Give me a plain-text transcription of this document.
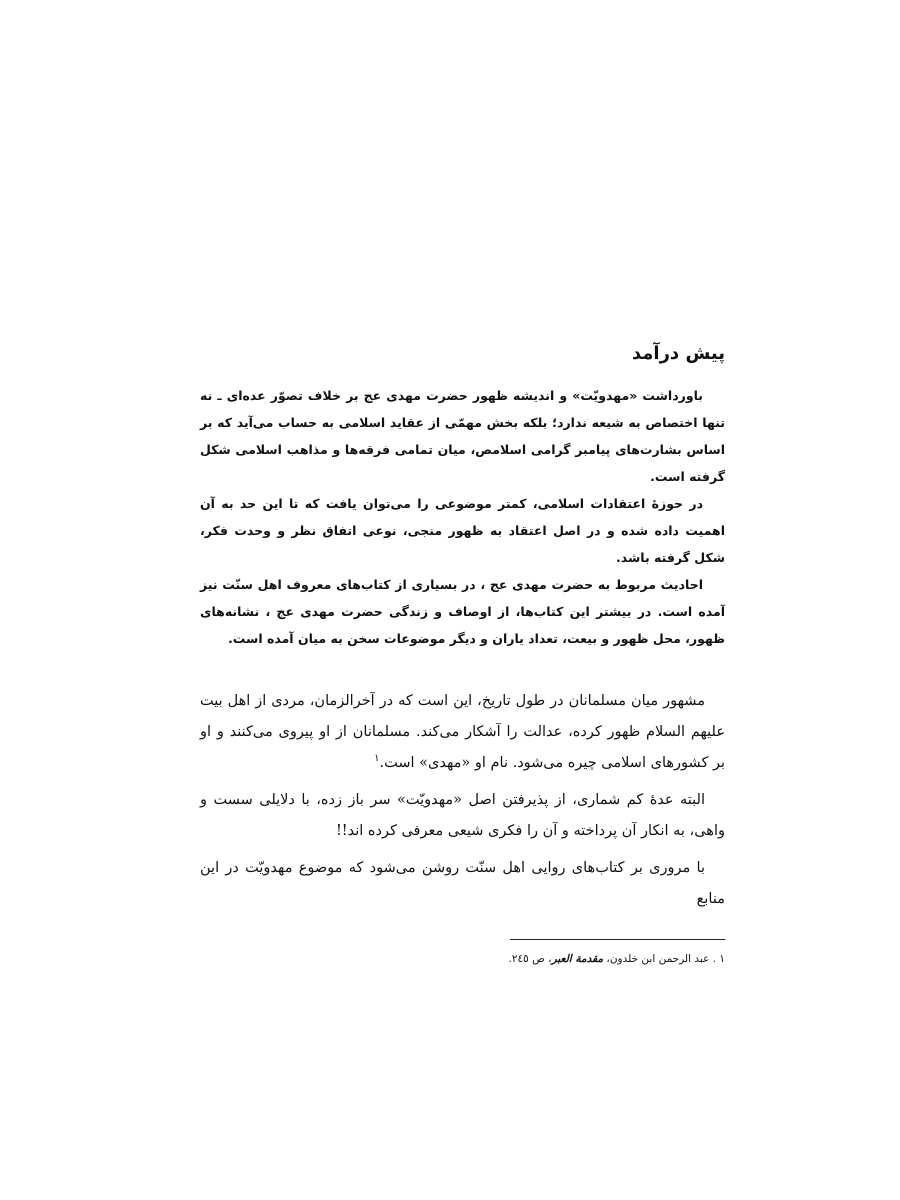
پیش درآمد

باورداشت «مهدویّت» و اندیشه ظهور حضرت مهدی‌ عج بر خلاف تصوّر عده‌ای ـ نه تنها اختصاص به شیعه ندارد؛ بلکه بخش مهمّی از عقاید اسلامی به حساب می‌آید که بر اساس بشارت‌های پیامبر گرامی اسلامص، میان تمامی فرقه‌ها و مذاهب اسلامی شکل گرفته است.

در حوزهٔ اعتقادات اسلامی، کمتر موضوعی را می‌توان یافت که تا این حد به آن اهمیت داده شده و در اصل اعتقاد به ظهور منجی، نوعی اتفاق نظر و وحدت فکر، شکل گرفته باشد.

احادیث مربوط به حضرت مهدی‌ عج ، در بسیاری از کتاب‌های معروف اهل سنّت نیز آمده است. در بیشتر این کتاب‌ها، از اوصاف و زندگی حضرت مهدی‌ عج ، نشانه‌های ظهور، محل ظهور و بیعت، تعداد یاران و دیگر موضوعات سخن به میان آمده است.

مشهور میان مسلمانان در طول تاریخ، این است که در آخرالزمان، مردی از اهل بیت علیهم السلام ظهور کرده، عدالت را آشکار می‌کند. مسلمانان از او پیروی می‌کنند و او بر کشورهای اسلامی چیره می‌شود. نام او «مهدی» است.$^١$

البته عدهٔ کم شماری، از پذیرفتن اصل «مهدویّت» سر باز زده، با دلایلی سست و واهی، به انکار آن پرداخته و آن را فکری شیعی معرفی کرده اند!!

با مروری بر کتاب‌های روایی اهل سنّت روشن می‌شود که موضوع مهدویّت در این منابع

١ . عبد الرحمن ابن خلدون، مقدمة العبر، ص ٢٤٥.
